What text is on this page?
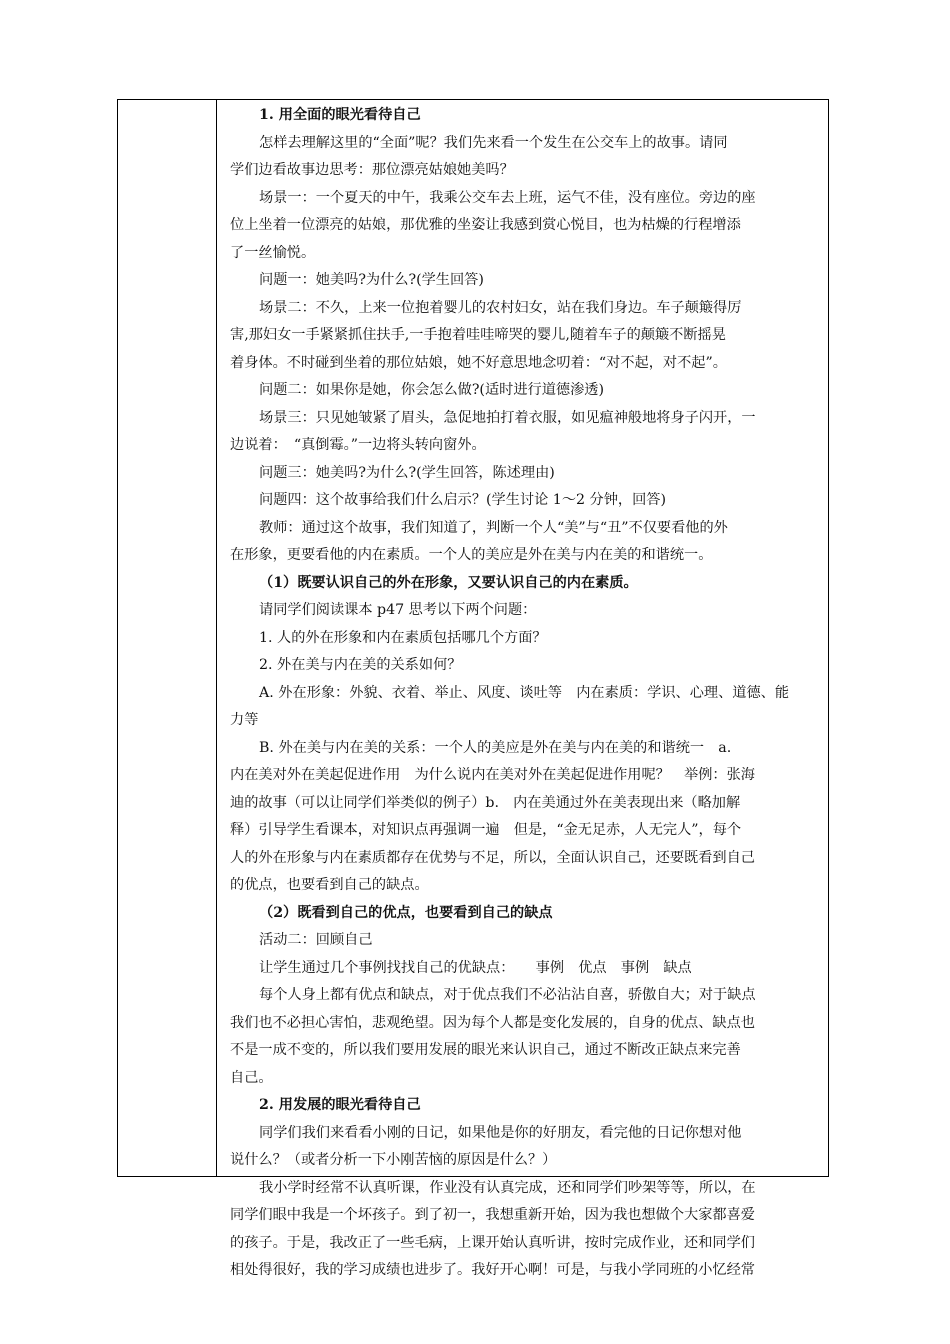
1. 用全面的眼光看待自己
怎样去理解这里的“全面”呢？我们先来看一个发生在公交车上的故事。请同
学们边看故事边思考：那位漂亮姑娘她美吗？
场景一：一个夏天的中午，我乘公交车去上班，运气不佳，没有座位。旁边的座
位上坐着一位漂亮的姑娘，那优雅的坐姿让我感到赏心悦目，也为枯燥的行程增添
了一丝愉悦。
问题一：她美吗?为什么?(学生回答)
场景二：不久，上来一位抱着婴儿的农村妇女，站在我们身边。车子颠簸得厉
害,那妇女一手紧紧抓住扶手,一手抱着哇哇啼哭的婴儿,随着车子的颠簸不断摇晃
着身体。不时碰到坐着的那位姑娘，她不好意思地念叨着：“对不起，对不起”。
问题二：如果你是她，你会怎么做?(适时进行道德渗透)
场景三：只见她皱紧了眉头，急促地拍打着衣服，如见瘟神般地将身子闪开，一
边说着：　“真倒霉。”一边将头转向窗外。
问题三：她美吗?为什么?(学生回答，陈述理由)
问题四：这个故事给我们什么启示？(学生讨论 1～2 分钟，回答)
教师：通过这个故事，我们知道了，判断一个人“美”与“丑”不仅要看他的外
在形象，更要看他的内在素质。一个人的美应是外在美与内在美的和谐统一。
（1）既要认识自己的外在形象，又要认识自己的内在素质。
请同学们阅读课本 p47 思考以下两个问题：
1. 人的外在形象和内在素质包括哪几个方面？
2. 外在美与内在美的关系如何？
A. 外在形象：外貌、衣着、举止、风度、谈吐等　内在素质：学识、心理、道德、能
力等
B. 外在美与内在美的关系：一个人的美应是外在美与内在美的和谐统一　a.
内在美对外在美起促进作用　为什么说内在美对外在美起促进作用呢？　举例：张海
迪的故事（可以让同学们举类似的例子）b.　内在美通过外在美表现出来（略加解
释）引导学生看课本，对知识点再强调一遍　但是，“金无足赤，人无完人”，每个
人的外在形象与内在素质都存在优势与不足，所以，全面认识自己，还要既看到自己
的优点，也要看到自己的缺点。
（2）既看到自己的优点，也要看到自己的缺点
活动二：回顾自己
让学生通过几个事例找找自己的优缺点：　　事例　优点　事例　缺点
每个人身上都有优点和缺点，对于优点我们不必沾沾自喜，骄傲自大；对于缺点
我们也不必担心害怕，悲观绝望。因为每个人都是变化发展的，自身的优点、缺点也
不是一成不变的，所以我们要用发展的眼光来认识自己，通过不断改正缺点来完善
自己。
2. 用发展的眼光看待自己
同学们我们来看看小刚的日记，如果他是你的好朋友，看完他的日记你想对他
说什么？（或者分析一下小刚苦恼的原因是什么？）
我小学时经常不认真听课，作业没有认真完成，还和同学们吵架等等，所以，在
同学们眼中我是一个坏孩子。到了初一，我想重新开始，因为我也想做个大家都喜爱
的孩子。于是，我改正了一些毛病，上课开始认真听讲，按时完成作业，还和同学们
相处得很好，我的学习成绩也进步了。我好开心啊！可是，与我小学同班的小忆经常
